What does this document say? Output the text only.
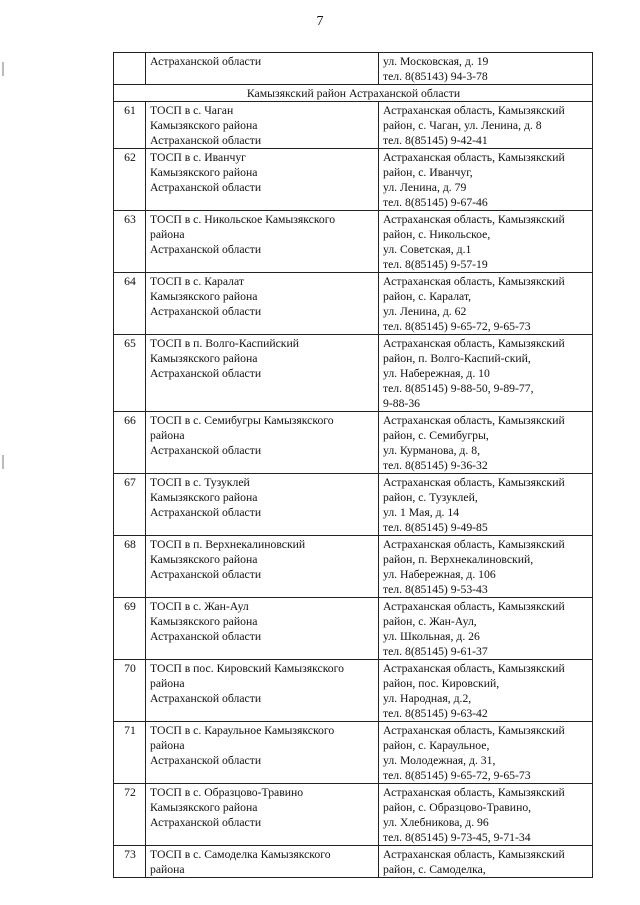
7

	Астраханской области	ул. Московская, д. 19
тел. 8(85143) 94-3-78

Камызякский район Астраханской области		
61	ТОСП в с. Чаган
Камызякского района
Астраханской области	Астраханская область, Камызякский
район, с. Чаган, ул. Ленина, д. 8
тел. 8(85145) 9-42-41

62	ТОСП в с. Иванчуг
Камызякского района
Астраханской области	Астраханская область, Камызякский
район, с. Иванчуг,
ул. Ленина, д. 79
тел. 8(85145) 9-67-46

63	ТОСП в с. Никольское Камызякского
района
Астраханской области	Астраханская область, Камызякский
район, с. Никольское,
ул. Советская, д.1
тел. 8(85145) 9-57-19

64	ТОСП в с. Каралат
Камызякского района
Астраханской области	Астраханская область, Камызякский
район, с. Каралат,
ул. Ленина, д. 62
тел. 8(85145) 9-65-72, 9-65-73

65	ТОСП в п. Волго-Каспийский
Камызякского района
Астраханской области	Астраханская область, Камызякский
район, п. Волго-Каспий-ский,
ул. Набережная, д. 10
тел. 8(85145) 9-88-50, 9-89-77,
9-88-36

66	ТОСП в с. Семибугры Камызякского
района
Астраханской области	Астраханская область, Камызякский
район, с. Семибугры,
ул. Курманова, д. 8,
тел. 8(85145) 9-36-32

67	ТОСП в с. Тузуклей
Камызякского района
Астраханской области	Астраханская область, Камызякский
район, с. Тузуклей,
ул. 1 Мая, д. 14
тел. 8(85145) 9-49-85

68	ТОСП в п. Верхнекалиновский
Камызякского района
Астраханской области	Астраханская область, Камызякский
район, п. Верхнекалиновский,
ул. Набережная, д. 106
тел. 8(85145) 9-53-43

69	ТОСП в с. Жан-Аул
Камызякского района
Астраханской области	Астраханская область, Камызякский
район, с. Жан-Аул,
ул. Школьная, д. 26
тел. 8(85145) 9-61-37

70	ТОСП в пос. Кировский Камызякского
района
Астраханской области	Астраханская область, Камызякский
район, пос. Кировский,
ул. Народная, д.2,
тел. 8(85145) 9-63-42

71	ТОСП в с. Караульное Камызякского
района
Астраханской области	Астраханская область, Камызякский
район, с. Караульное,
ул. Молодежная, д. 31,
тел. 8(85145) 9-65-72, 9-65-73

72	ТОСП в с. Образцово-Травино
Камызякского района
Астраханской области	Астраханская область, Камызякский
район, с. Образцово-Травино,
ул. Хлебникова, д. 96
тел. 8(85145) 9-73-45, 9-71-34

73	ТОСП в с. Самоделка Камызякского
района	Астраханская область, Камызякский
район, с. Самоделка,
